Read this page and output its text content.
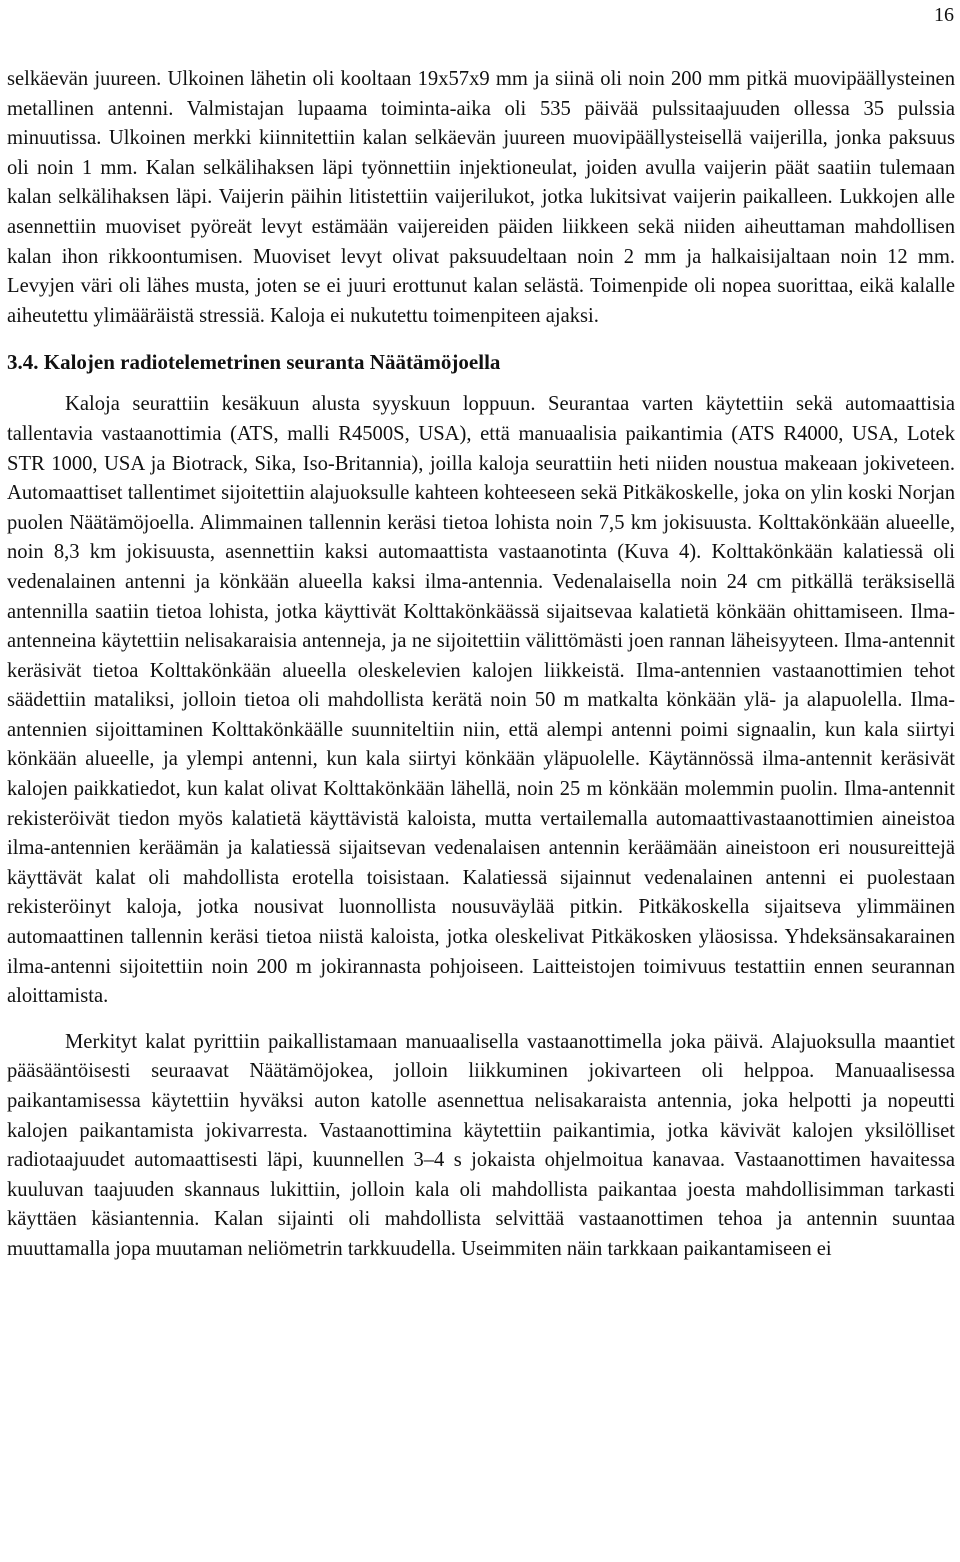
16

selkäevän juureen. Ulkoinen lähetin oli kooltaan 19x57x9 mm ja siinä oli noin 200 mm pitkä muovipäällysteinen metallinen antenni. Valmistajan lupaama toiminta-aika oli 535 päivää pulssitaajuuden ollessa 35 pulssia minuutissa. Ulkoinen merkki kiinnitettiin kalan selkäevän juureen muovipäällysteisellä vaijerilla, jonka paksuus oli noin 1 mm. Kalan selkälihaksen läpi työnnettiin injektioneulat, joiden avulla vaijerin päät saatiin tulemaan kalan selkälihaksen läpi. Vaijerin päihin litistettiin vaijerilukot, jotka lukitsivat vaijerin paikalleen. Lukkojen alle asennettiin muoviset pyöreät levyt estämään vaijereiden päiden liikkeen sekä niiden aiheuttaman mahdollisen kalan ihon rikkoontumisen. Muoviset levyt olivat paksuudeltaan noin 2 mm ja halkaisijaltaan noin 12 mm. Levyjen väri oli lähes musta, joten se ei juuri erottunut kalan selästä. Toimenpide oli nopea suorittaa, eikä kalalle aiheutettu ylimääräistä stressiä. Kaloja ei nukutettu toimenpiteen ajaksi.

3.4. Kalojen radiotelemetrinen seuranta Näätämöjoella

Kaloja seurattiin kesäkuun alusta syyskuun loppuun. Seurantaa varten käytettiin sekä automaattisia tallentavia vastaanottimia (ATS, malli R4500S, USA), että manuaalisia paikantimia (ATS R4000, USA, Lotek STR 1000, USA ja Biotrack, Sika, Iso-Britannia), joilla kaloja seurattiin heti niiden noustua makeaan jokiveteen. Automaattiset tallentimet sijoitettiin alajuoksulle kahteen kohteeseen sekä Pitkäkoskelle, joka on ylin koski Norjan puolen Näätämöjoella. Alimmainen tallennin keräsi tietoa lohista noin 7,5 km jokisuusta. Kolttakönkään alueelle, noin 8,3 km jokisuusta, asennettiin kaksi automaattista vastaanotinta (Kuva 4). Kolttakönkään kalatiessä oli vedenalainen antenni ja könkään alueella kaksi ilma-antennia. Vedenalaisella noin 24 cm pitkällä teräksisellä antennilla saatiin tietoa lohista, jotka käyttivät Kolttakönkäässä sijaitsevaa kalatietä könkään ohittamiseen. Ilma-antenneina käytettiin nelisakaraisia antenneja, ja ne sijoitettiin välittömästi joen rannan läheisyyteen. Ilma-antennit keräsivät tietoa Kolttakönkään alueella oleskelevien kalojen liikkeistä. Ilma-antennien vastaanottimien tehot säädettiin mataliksi, jolloin tietoa oli mahdollista kerätä noin 50 m matkalta könkään ylä- ja alapuolella. Ilma-antennien sijoittaminen Kolttakönkäälle suunniteltiin niin, että alempi antenni poimi signaalin, kun kala siirtyi könkään alueelle, ja ylempi antenni, kun kala siirtyi könkään yläpuolelle. Käytännössä ilma-antennit keräsivät kalojen paikkatiedot, kun kalat olivat Kolttakönkään lähellä, noin 25 m könkään molemmin puolin. Ilma-antennit rekisteröivät tiedon myös kalatietä käyttävistä kaloista, mutta vertailemalla automaattivastaanottimien aineistoa ilma-antennien keräämän ja kalatiessä sijaitsevan vedenalaisen antennin keräämään aineistoon eri nousureittejä käyttävät kalat oli mahdollista erotella toisistaan. Kalatiessä sijainnut vedenalainen antenni ei puolestaan rekisteröinyt kaloja, jotka nousivat luonnollista nousuväylää pitkin. Pitkäkoskella sijaitseva ylimmäinen automaattinen tallennin keräsi tietoa niistä kaloista, jotka oleskelivat Pitkäkosken yläosissa. Yhdeksänsakarainen ilma-antenni sijoitettiin noin 200 m jokirannasta pohjoiseen. Laitteistojen toimivuus testattiin ennen seurannan aloittamista.

Merkityt kalat pyrittiin paikallistamaan manuaalisella vastaanottimella joka päivä. Alajuoksulla maantiet pääsääntöisesti seuraavat Näätämöjokea, jolloin liikkuminen jokivarteen oli helppoa. Manuaalisessa paikantamisessa käytettiin hyväksi auton katolle asennettua nelisakaraista antennia, joka helpotti ja nopeutti kalojen paikantamista jokivarresta. Vastaanottimina käytettiin paikantimia, jotka kävivät kalojen yksilölliset radiotaajuudet automaattisesti läpi, kuunnellen 3–4 s jokaista ohjelmoitua kanavaa. Vastaanottimen havaitessa kuuluvan taajuuden skannaus lukittiin, jolloin kala oli mahdollista paikantaa joesta mahdollisimman tarkasti käyttäen käsiantennia. Kalan sijainti oli mahdollista selvittää vastaanottimen tehoa ja antennin suuntaa muuttamalla jopa muutaman neliömetrin tarkkuudella. Useimmiten näin tarkkaan paikantamiseen ei
